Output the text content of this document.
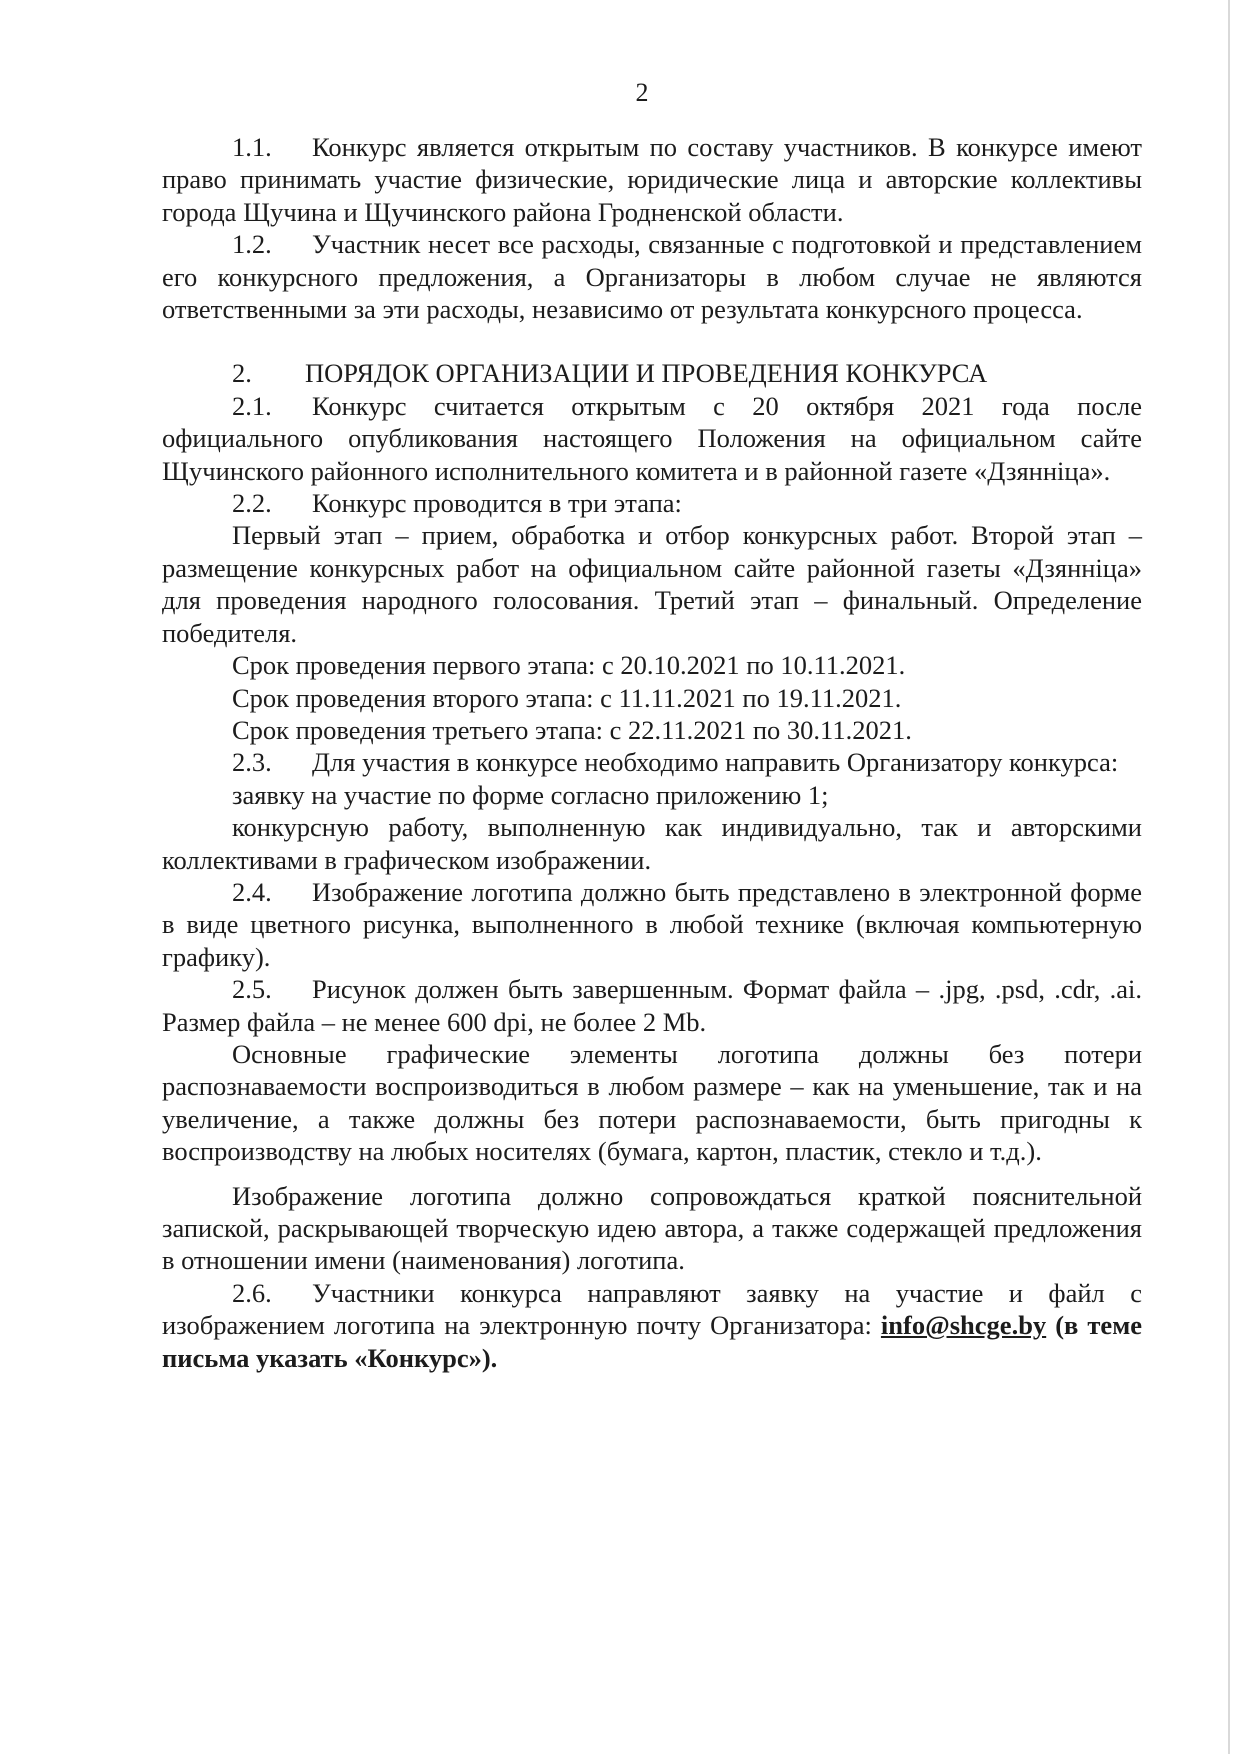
2

1.1. Конкурс является открытым по составу участников. В конкурсе имеют право принимать участие физические, юридические лица и авторские коллективы города Щучина и Щучинского района Гродненской области.

1.2. Участник несет все расходы, связанные с подготовкой и представлением его конкурсного предложения, а Организаторы в любом случае не являются ответственными за эти расходы, независимо от результата конкурсного процесса.

2. ПОРЯДОК ОРГАНИЗАЦИИ И ПРОВЕДЕНИЯ КОНКУРСА

2.1. Конкурс считается открытым с 20 октября 2021 года после официального опубликования настоящего Положения на официальном сайте Щучинского районного исполнительного комитета и в районной газете «Дзяннiца».

2.2. Конкурс проводится в три этапа:

Первый этап – прием, обработка и отбор конкурсных работ. Второй этап – размещение конкурсных работ на официальном сайте районной газеты «Дзяннiца» для проведения народного голосования. Третий этап – финальный. Определение победителя.

Срок проведения первого этапа: с 20.10.2021 по 10.11.2021.

Срок проведения второго этапа: с 11.11.2021 по 19.11.2021.

Срок проведения третьего этапа: с 22.11.2021 по 30.11.2021.

2.3. Для участия в конкурсе необходимо направить Организатору конкурса:

заявку на участие по форме согласно приложению 1;

конкурсную работу, выполненную как индивидуально, так и авторскими коллективами в графическом изображении.

2.4. Изображение логотипа должно быть представлено в электронной форме в виде цветного рисунка, выполненного в любой технике (включая компьютерную графику).

2.5. Рисунок должен быть завершенным. Формат файла – .jpg, .psd, .cdr, .ai. Размер файла – не менее 600 dpi, не более 2 Mb.

Основные графические элементы логотипа должны без потери распознаваемости воспроизводиться в любом размере – как на уменьшение, так и на увеличение, а также должны без потери распознаваемости, быть пригодны к воспроизводству на любых носителях (бумага, картон, пластик, стекло и т.д.).

Изображение логотипа должно сопровождаться краткой пояснительной запиской, раскрывающей творческую идею автора, а также содержащей предложения в отношении имени (наименования) логотипа.

2.6. Участники конкурса направляют заявку на участие и файл с изображением логотипа на электронную почту Организатора: info@shcge.by (в теме письма указать «Конкурс»).
